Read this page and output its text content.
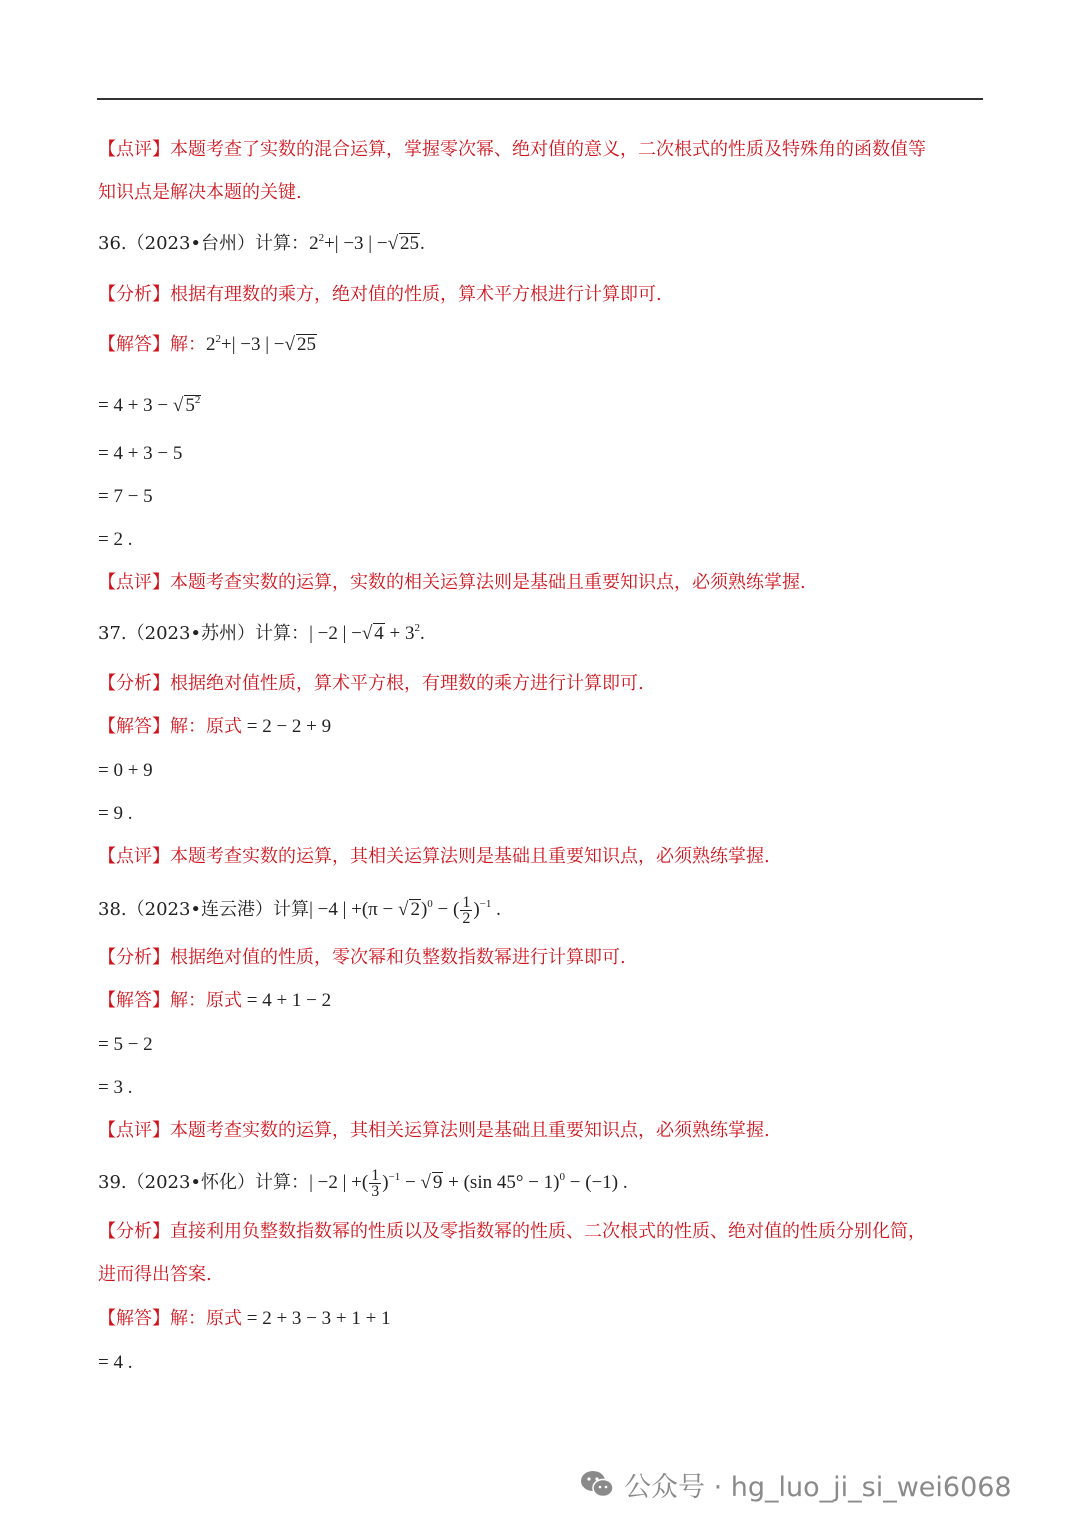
【点评】本题考查了实数的混合运算，掌握零次幂、绝对值的意义，二次根式的性质及特殊角的函数值等
知识点是解决本题的关键.
36.（2023•台州）计算：$2^2+| -3$ | −√ 25.
【分析】根据有理数的乘方，绝对值的性质，算术平方根进行计算即可.
【解答】解：$2^2+| -3$ | −√ 25
= 4 + 3 − √ $5^2$
= 4 + 3 − 5
= 7 − 5
= 2 .
【点评】本题考查实数的运算，实数的相关运算法则是基础且重要知识点，必须熟练掌握.
37.（2023•苏州）计算：| −2 | −√ $4 + 3^2$.
【分析】根据绝对值性质，算术平方根，有理数的乘方进行计算即可.
【解答】解：原式 = 2 − 2 + 9
= 0 + 9
= 9 .
【点评】本题考查实数的运算，其相关运算法则是基础且重要知识点，必须熟练掌握.
38.（2023•连云港）计算| −4 | +(π − √ 2)$^0$ − ( $\frac{1}{2} )^{-1}$ .
【分析】根据绝对值的性质，零次幂和负整数指数幂进行计算即可.
【解答】解：原式 = 4 + 1 − 2
= 5 − 2
= 3 .
【点评】本题考查实数的运算，其相关运算法则是基础且重要知识点，必须熟练掌握.
39.（2023•怀化）计算：| −2 | +( $\frac{1}{3} )^{-1}$ − √ 9 + (sin 45° − 1)$^0$ − (−1) .
【分析】直接利用负整数指数幂的性质以及零指数幂的性质、二次根式的性质、绝对值的性质分别化简，
进而得出答案.
【解答】解：原式 = 2 + 3 − 3 + 1 + 1
= 4 .
公众号 · hg_luo_ji_si_wei6068
